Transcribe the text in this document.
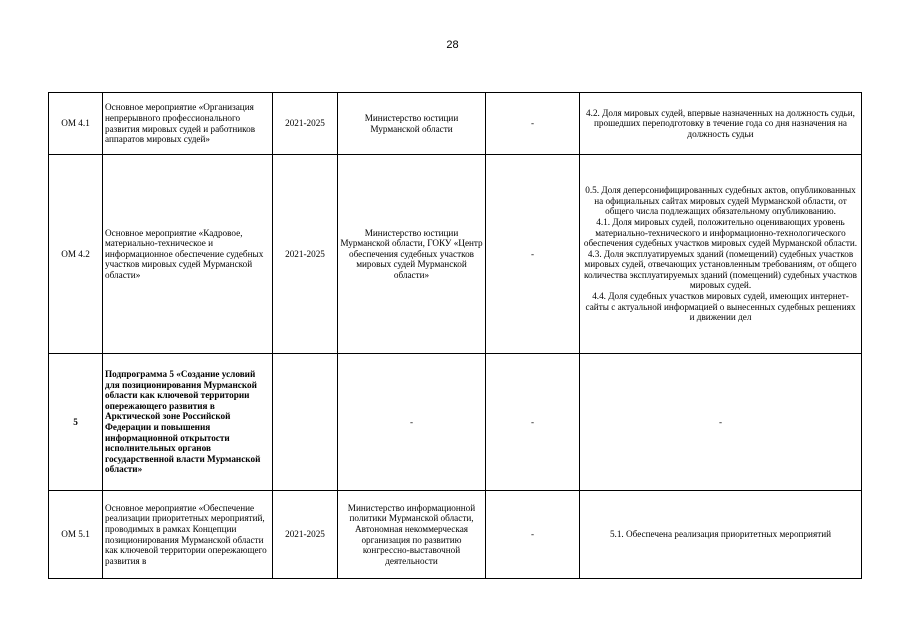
28
ОМ 4.1	Основное мероприятие «Организация непрерывного профессионального развития мировых судей и работников аппаратов мировых судей»	2021-2025	Министерство юстиции Мурманской области	-	4.2. Доля мировых судей, впервые назначенных на должность судьи, прошедших переподготовку в течение года со дня назначения на должность судьи

ОМ 4.2	Основное мероприятие «Кадровое, материально-техническое и информационное обеспечение судебных участков мировых судей Мурманской области»	2021-2025	Министерство юстиции Мурманской области, ГОКУ «Центр обеспечения судебных участков мировых судей Мурманской области»	-	0.5. Доля деперсонифицированных судебных актов, опубликованных на официальных сайтах мировых судей Мурманской области, от общего числа подлежащих обязательному опубликованию.
4.1. Доля мировых судей, положительно оценивающих уровень материально-технического и информационно-технологического обеспечения судебных участков мировых судей Мурманской области.
4.3. Доля эксплуатируемых зданий (помещений) судебных участков мировых судей, отвечающих установленным требованиям, от общего количества эксплуатируемых зданий (помещений) судебных участков мировых судей.
4.4. Доля судебных участков мировых судей, имеющих интернет-сайты с актуальной информацией о вынесенных судебных решениях и движении дел

5	Подпрограмма 5 «Создание условий для позиционирования Мурманской области как ключевой территории опережающего развития в Арктической зоне Российской Федерации и повышения информационной открытости исполнительных органов государственной власти Мурманской области»		-	-	-

ОМ 5.1	Основное мероприятие «Обеспечение реализации приоритетных мероприятий, проводимых в рамках Концепции позиционирования Мурманской области как ключевой территории опережающего развития в	2021-2025	Министерство информационной политики Мурманской области, Автономная некоммерческая организация по развитию конгрессно-выставочной деятельности	-	5.1. Обеспечена реализация приоритетных мероприятий
